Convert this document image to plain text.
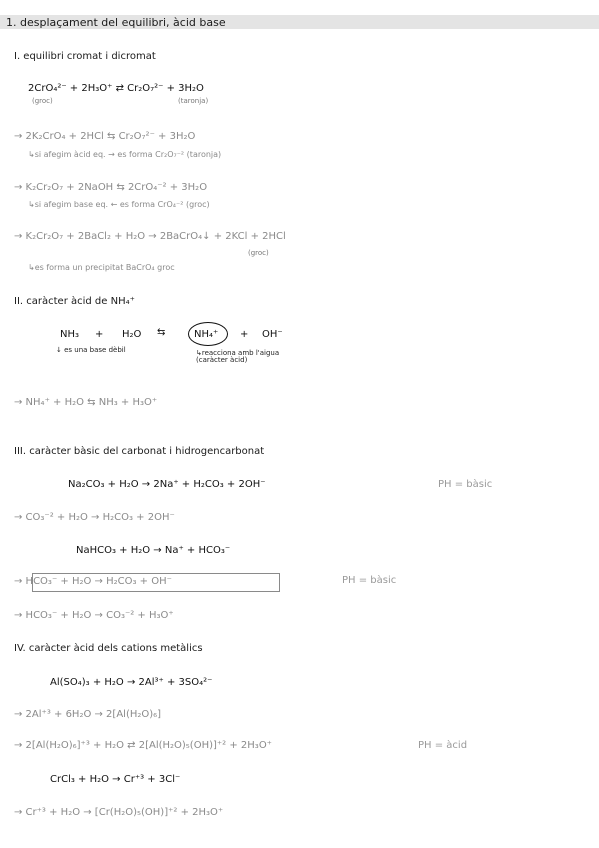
1. desplaçament del equilibri, àcid base
I. equilibri cromat i dicromat
2CrO₄²⁻ + 2H₃O⁺ ⇄ Cr₂O₇²⁻ + 3H₂O
(groc)	(taronja)
→ 2K₂CrO₄ + 2HCl ⇆ Cr₂O₇²⁻ + 3H₂O
↳si afegim àcid eq. → es forma Cr₂O₇⁻² (taronja)
→ K₂Cr₂O₇ + 2NaOH ⇆ 2CrO₄⁻² + 3H₂O
↳si afegim base eq. ← es forma CrO₄⁻² (groc)
→ K₂Cr₂O₇ + 2BaCl₂ + H₂O → 2BaCrO₄↓ + 2KCl + 2HCl
(groc)
↳es forma un precipitat BaCrO₄ groc
II. caràcter àcid de NH₄⁺
NH₃ + H₂O ⇆	NH₄⁺ + OH⁻
↓ es una base dèbil	↳reacciona amb l'aigua (caràcter àcid)
→ NH₄⁺ + H₂O ⇆ NH₃ + H₃O⁺
III. caràcter bàsic del carbonat i hidrogencarbonat
Na₂CO₃ + H₂O → 2Na⁺ + H₂CO₃ + 2OH⁻	PH = bàsic
→ CO₃⁻² + H₂O → H₂CO₃ + 2OH⁻
NaHCO₃ + H₂O → Na⁺ + HCO₃⁻
→ HCO₃⁻ + H₂O → H₂CO₃ + OH⁻	PH = bàsic
→ HCO₃⁻ + H₂O → CO₃⁻² + H₃O⁺
IV. caràcter àcid dels cations metàlics
Al(SO₄)₃ + H₂O → 2Al³⁺ + 3SO₄²⁻
→ 2Al⁺³ + 6H₂O → 2[Al(H₂O)₆]
→ 2[Al(H₂O)₆]⁺³ + H₂O ⇄ 2[Al(H₂O)₅(OH)]⁺² + 2H₃O⁺	PH = àcid
CrCl₃ + H₂O → Cr⁺³ + 3Cl⁻
→ Cr⁺³ + H₂O → [Cr(H₂O)₅(OH)]⁺² + 2H₃O⁺
